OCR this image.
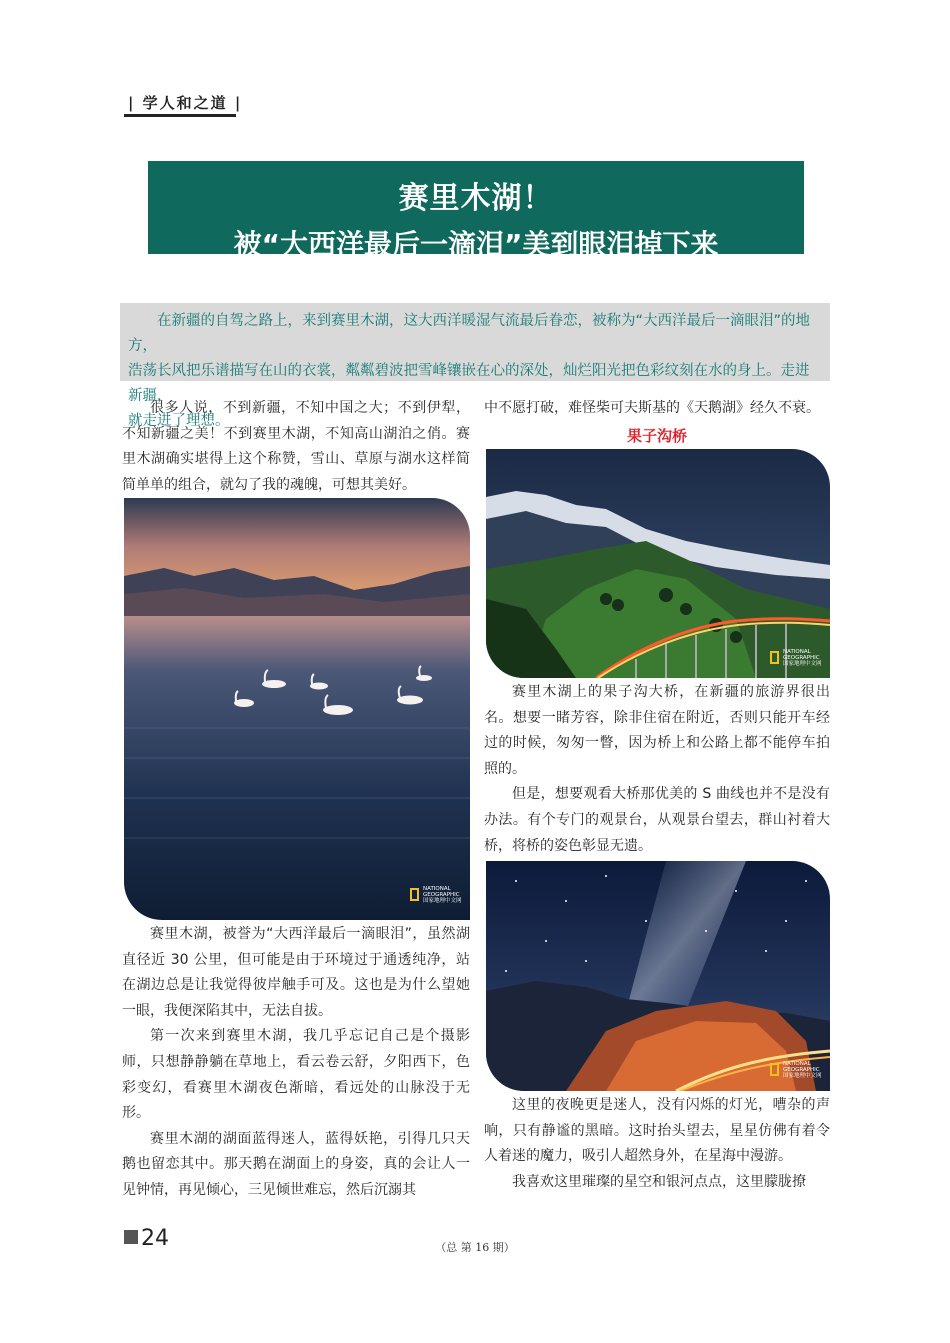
| 学人和之道 |
赛里木湖！
被“大西洋最后一滴泪”美到眼泪掉下来
在新疆的自驾之路上，来到赛里木湖，这大西洋暖湿气流最后眷恋，被称为“大西洋最后一滴眼泪”的地方，
浩荡长风把乐谱描写在山的衣裳，粼粼碧波把雪峰镶嵌在心的深处，灿烂阳光把色彩纹刻在水的身上。走进新疆，
就走进了理想。

很多人说，不到新疆，不知中国之大；不到伊犁，不知新疆之美！不到赛里木湖，不知高山湖泊之俏。赛里木湖确实堪得上这个称赞，雪山、草原与湖水这样简简单单的组合，就勾了我的魂魄，可想其美好。

NATIONAL
GEOGRAPHIC
国家地理中文网

赛里木湖，被誉为“大西洋最后一滴眼泪”，虽然湖直径近 30 公里，但可能是由于环境过于通透纯净，站在湖边总是让我觉得彼岸触手可及。这也是为什么望她一眼，我便深陷其中，无法自拔。

第一次来到赛里木湖，我几乎忘记自己是个摄影师，只想静静躺在草地上，看云卷云舒，夕阳西下，色彩变幻，看赛里木湖夜色渐暗，看远处的山脉没于无形。

赛里木湖的湖面蓝得迷人，蓝得妖艳，引得几只天鹅也留恋其中。那天鹅在湖面上的身姿，真的会让人一见钟情，再见倾心，三见倾世难忘，然后沉溺其

中不愿打破，难怪柴可夫斯基的《天鹅湖》经久不衰。

果子沟桥
NATIONAL
GEOGRAPHIC
国家地理中文网

赛里木湖上的果子沟大桥，在新疆的旅游界很出名。想要一睹芳容，除非住宿在附近，否则只能开车经过的时候，匆匆一瞥，因为桥上和公路上都不能停车拍照的。

但是，想要观看大桥那优美的 S 曲线也并不是没有办法。有个专门的观景台，从观景台望去，群山衬着大桥，将桥的姿色彰显无遗。

NATIONAL
GEOGRAPHIC
国家地理中文网

这里的夜晚更是迷人，没有闪烁的灯光，嘈杂的声响，只有静谧的黑暗。这时抬头望去，星星仿佛有着令人着迷的魔力，吸引人超然身外，在星海中漫游。

我喜欢这里璀璨的星空和银河点点，这里朦胧撩

24	（总 第 16 期）
